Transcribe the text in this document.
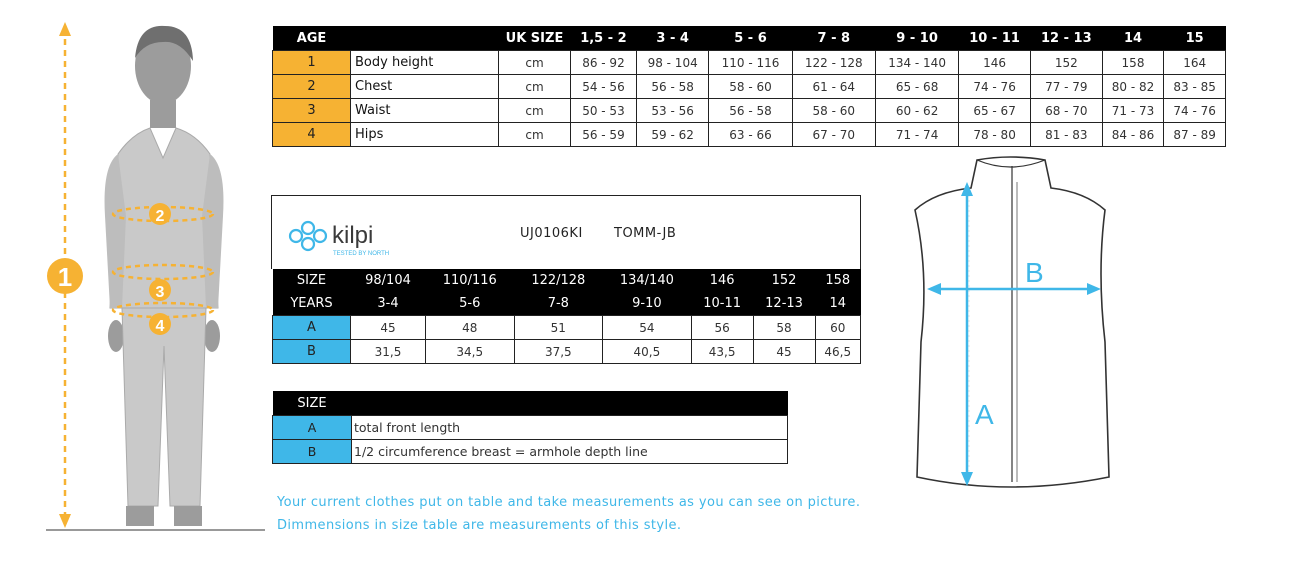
1
2
3
4
AGE		UK SIZE	1,5 - 2	3 - 4	5 - 6	7 - 8	9 - 10	10 - 11	12 - 13	14	15
1	Body height	cm	86 - 92	98 - 104	110 - 116	122 - 128	134 - 140	146	152	158	164
2	Chest	cm	54 - 56	56 - 58	58 - 60	61 - 64	65 - 68	74 - 76	77 - 79	80 - 82	83 - 85
3	Waist	cm	50 - 53	53 - 56	56 - 58	58 - 60	60 - 62	65 - 67	68 - 70	71 - 73	74 - 76
4	Hips	cm	56 - 59	59 - 62	63 - 66	67 - 70	71 - 74	78 - 80	81 - 83	84 - 86	87 - 89
kilpi
TESTED BY NORTH
UJ0106KI TOMM-JB
SIZE	98/104	110/116	122/128	134/140	146	152	158
YEARS	3-4	5-6	7-8	9-10	10-11	12-13	14
A	45	48	51	54	56	58	60
B	31,5	34,5	37,5	40,5	43,5	45	46,5
SIZE	
A	total front length
B	1/2 circumference breast = armhole depth line
Your current clothes put on table and take measurements as you can see on picture.
Dimmensions in size table are measurements of this style.
A
B
